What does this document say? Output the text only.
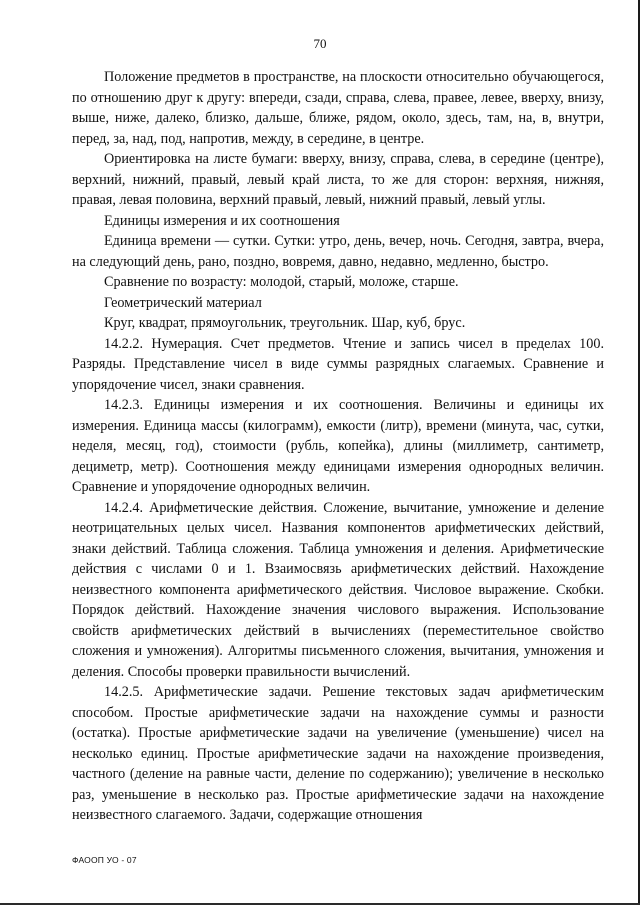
70

Положение предметов в пространстве, на плоскости относительно обучающегося, по отношению друг к другу: впереди, сзади, справа, слева, правее, левее, вверху, внизу, выше, ниже, далеко, близко, дальше, ближе, рядом, около, здесь, там, на, в, внутри, перед, за, над, под, напротив, между, в середине, в центре.

Ориентировка на листе бумаги: вверху, внизу, справа, слева, в середине (центре), верхний, нижний, правый, левый край листа, то же для сторон: верхняя, нижняя, правая, левая половина, верхний правый, левый, нижний правый, левый углы.

Единицы измерения и их соотношения

Единица времени — сутки. Сутки: утро, день, вечер, ночь. Сегодня, завтра, вчера, на следующий день, рано, поздно, вовремя, давно, недавно, медленно, быстро.

Сравнение по возрасту: молодой, старый, моложе, старше.

Геометрический материал

Круг, квадрат, прямоугольник, треугольник. Шар, куб, брус.

14.2.2. Нумерация. Счет предметов. Чтение и запись чисел в пределах 100. Разряды. Представление чисел в виде суммы разрядных слагаемых. Сравнение и упорядочение чисел, знаки сравнения.

14.2.3. Единицы измерения и их соотношения. Величины и единицы их измерения. Единица массы (килограмм), емкости (литр), времени (минута, час, сутки, неделя, месяц, год), стоимости (рубль, копейка), длины (миллиметр, сантиметр, дециметр, метр). Соотношения между единицами измерения однородных величин. Сравнение и упорядочение однородных величин.

14.2.4. Арифметические действия. Сложение, вычитание, умножение и деление неотрицательных целых чисел. Названия компонентов арифметических действий, знаки действий. Таблица сложения. Таблица умножения и деления. Арифметические действия с числами 0 и 1. Взаимосвязь арифметических действий. Нахождение неизвестного компонента арифметического действия. Числовое выражение. Скобки. Порядок действий. Нахождение значения числового выражения. Использование свойств арифметических действий в вычислениях (переместительное свойство сложения и умножения). Алгоритмы письменного сложения, вычитания, умножения и деления. Способы проверки правильности вычислений.

14.2.5. Арифметические задачи. Решение текстовых задач арифметическим способом. Простые арифметические задачи на нахождение суммы и разности (остатка). Простые арифметические задачи на увеличение (уменьшение) чисел на несколько единиц. Простые арифметические задачи на нахождение произведения, частного (деление на равные части, деление по содержанию); увеличение в несколько раз, уменьшение в несколько раз. Простые арифметические задачи на нахождение неизвестного слагаемого. Задачи, содержащие отношения

ФАООП УО - 07
